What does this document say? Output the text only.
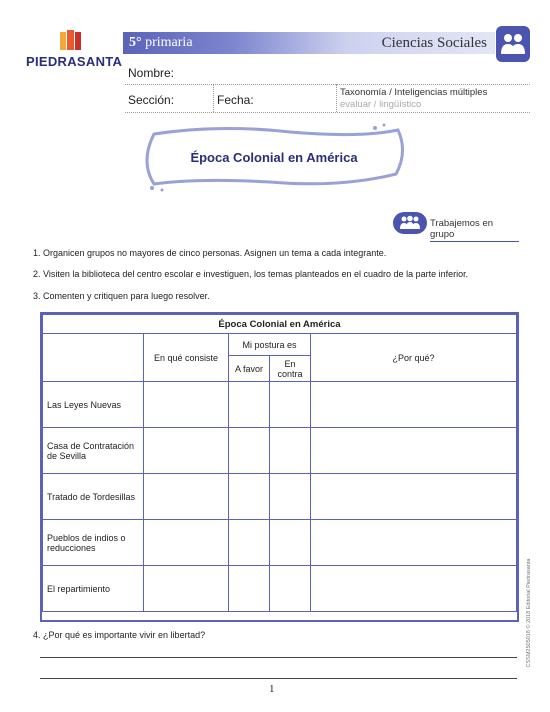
PIEDRASANTA
5° primaria	Ciencias Sociales
Nombre:
Sección:	Fecha:
Taxonomía / Inteligencias múltiples
evaluar / lingüístico
Época Colonial en América
Trabajemos en grupo
1. Organicen grupos no mayores de cinco personas. Asignen un tema a cada integrante.
2. Visiten la biblioteca del centro escolar e investiguen, los temas planteados en el cuadro de la parte inferior.
3. Comenten y critiquen para luego resolver.
Época Colonial en América				
	En qué consiste	Mi postura es		¿Por qué?
		A favor	En contra	
Las Leyes Nuevas				
Casa de Contratación de Sevilla				
Tratado de Tordesillas				
Pueblos de indios o reducciones				
El repartimiento					CSSM2505018 © 2018 Editorial Piedrasanta
4. ¿Por qué es importante vivir en libertad?
1
